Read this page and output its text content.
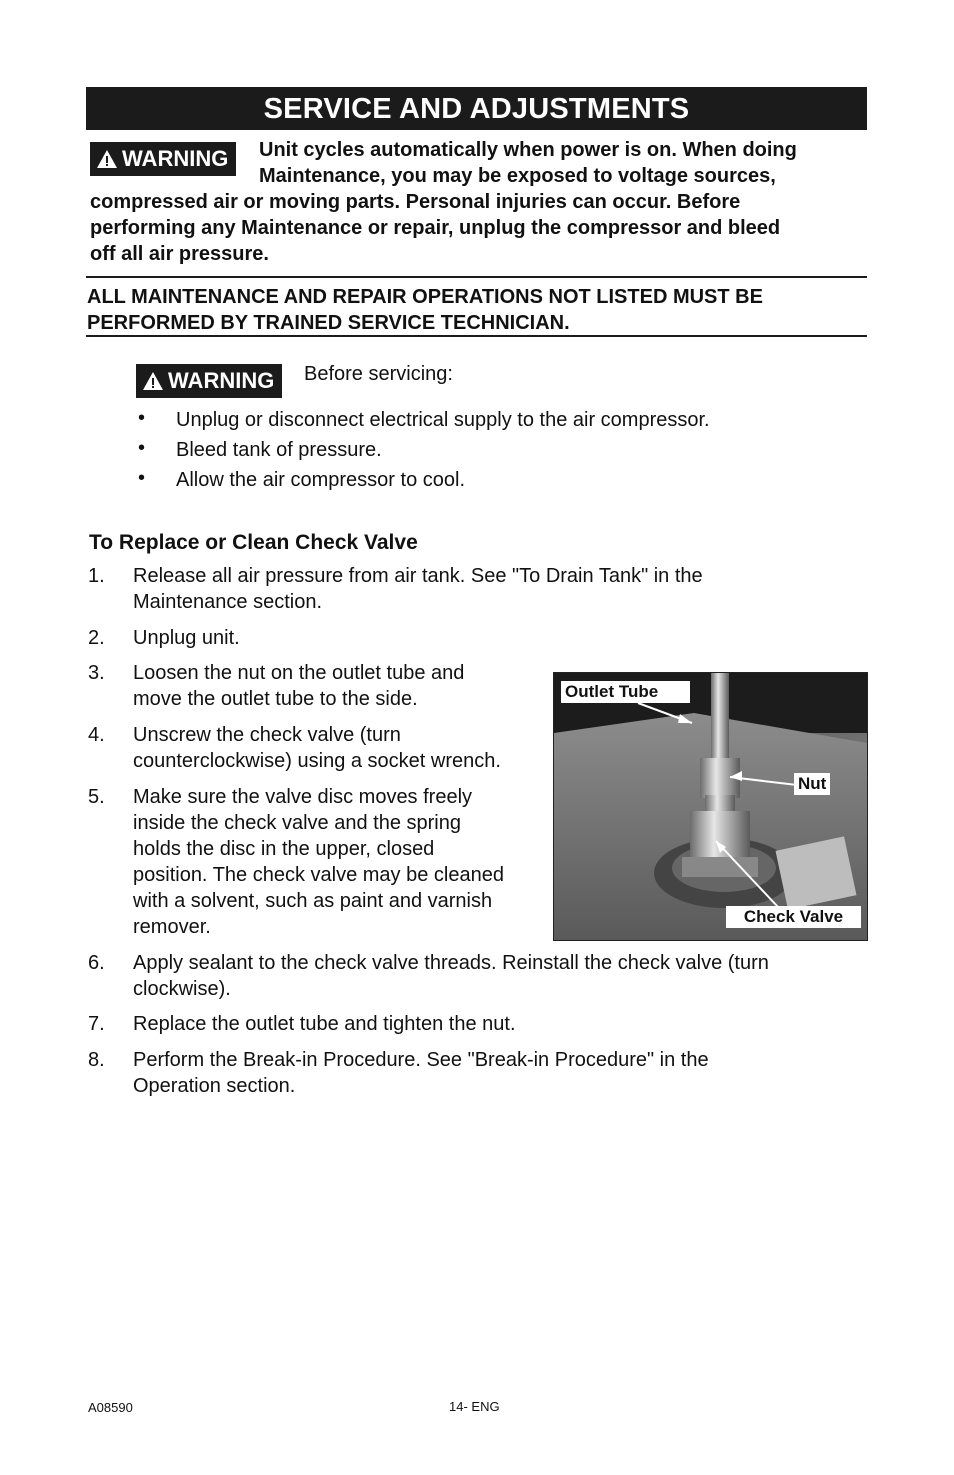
SERVICE AND ADJUSTMENTS
WARNING Unit cycles automatically when power is on. When doing
Maintenance, you may be exposed to voltage sources,
compressed air or moving parts. Personal injuries can occur. Before
performing any Maintenance or repair, unplug the compressor and bleed
off all air pressure.
ALL MAINTENANCE AND REPAIR OPERATIONS NOT LISTED MUST BE
PERFORMED BY TRAINED SERVICE TECHNICIAN.
WARNING Before servicing:
• Unplug or disconnect electrical supply to the air compressor.
• Bleed tank of pressure.
• Allow the air compressor to cool.
To Replace or Clean Check Valve
1.	Release all air pressure from air tank. See "To Drain Tank" in the
Maintenance section.
2.	Unplug unit.
3.	Loosen the nut on the outlet tube and
move the outlet tube to the side.
4.	Unscrew the check valve (turn
counterclockwise) using a socket wrench.
5.	Make sure the valve disc moves freely
inside the check valve and the spring
holds the disc in the upper, closed
position. The check valve may be cleaned
with a solvent, such as paint and varnish
remover.
6.	Apply sealant to the check valve threads. Reinstall the check valve (turn
clockwise).
7.	Replace the outlet tube and tighten the nut.
8.	Perform the Break-in Procedure. See "Break-in Procedure" in the
Operation section.
Outlet Tube
Nut
Check Valve
A08590	14- ENG
